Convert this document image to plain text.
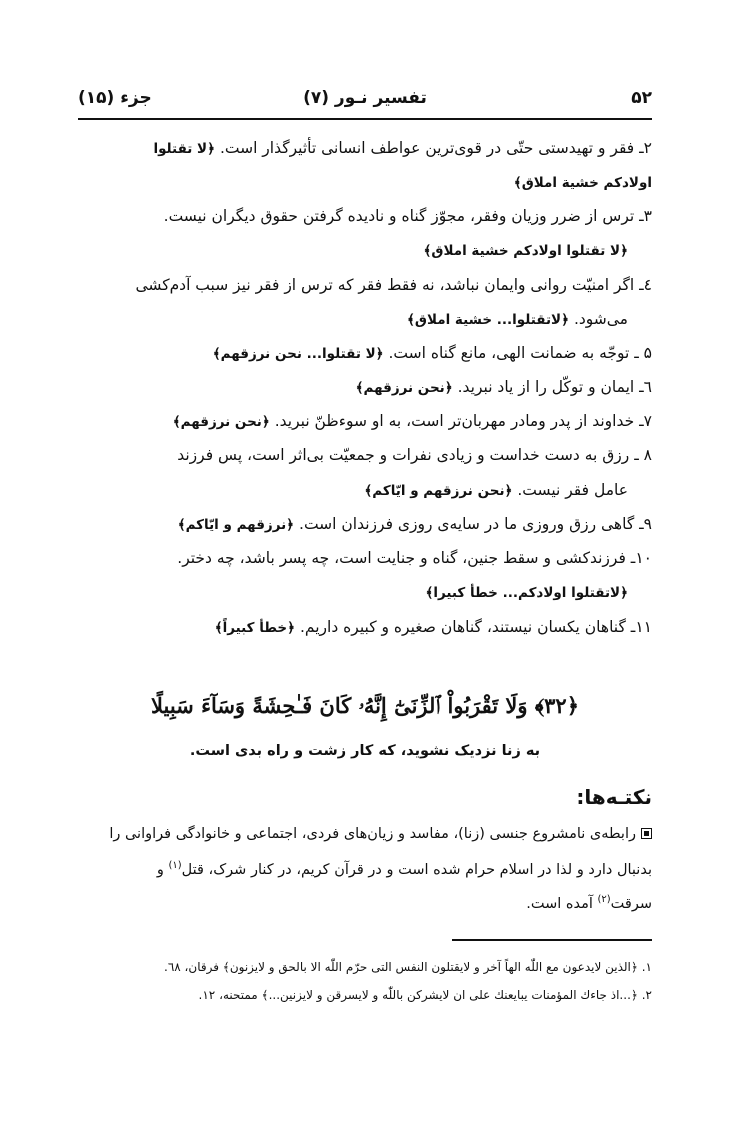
۵۲
تفسیر نـور (۷)
جزء (۱۵)
۲ـ فقر و تهیدستی حتّی در قوی‌ترین عواطف انسانی تأثیرگذار است. ﴿لا تقتلوا
اولادکم خشیة املاق﴾
۳ـ ترس از ضرر وزیان وفقر، مجوّز گناه و نادیده گرفتن حقوق دیگران نیست.
﴿لا تقتلوا اولادکم خشیة املاق﴾
٤ـ اگر امنیّت روانی وایمان نباشد، نه فقط فقر که ترس از فقر نیز سبب آدم‌کشی
می‌شود. ﴿لاتقتلوا... خشیة املاق﴾
۵ ـ توجّه به ضمانت الهی، مانع گناه است. ﴿لا تقتلوا... نحن نرزقهم﴾
٦ـ ایمان و توکّل را از یاد نبرید. ﴿نحن نرزقهم﴾
۷ـ خداوند از پدر ومادر مهربان‌تر است، به او سوءظنّ نبرید. ﴿نحن نرزقهم﴾
۸ ـ رزق به دست خداست و زیادی نفرات و جمعیّت بی‌اثر است، پس فرزند
عامل فقر نیست. ﴿نحن نرزقهم و ایّاکم﴾
۹ـ گاهی رزق وروزی ما در سایه‌ی روزی فرزندان است. ﴿نرزقهم و ایّاکم﴾
۱۰ـ فرزندکشی و سقط جنین، گناه و جنایت است، چه پسر باشد، چه دختر.
﴿لاتقتلوا اولادکم... خطأ کبیرا﴾
۱۱ـ گناهان یکسان نیستند، گناهان صغیره و کبیره داریم. ﴿خطأ کبیراً﴾
﴿۳۲﴾ وَلَا تَقْرَبُواْ ٱلزِّنَىٰٓ إِنَّهُۥ كَانَ فَـٰحِشَةً وَسَآءَ سَبِيلًا
به زنا نزدیک نشوید، که کار زشت و راه بدی است.
نکتـه‌ها:
رابطه‌ی نامشروع جنسی (زنا)، مفاسد و زیان‌های فردی، اجتماعی و خانوادگی فراوانی را
بدنبال دارد و لذا در اسلام حرام شده است و در قرآن کریم، در کنار شرک، قتل$^{(۱)}$ و
سرقت$^{(۲)}$ آمده است.
۱. ﴿الذین لایدعون مع اللّٰه الهاً آخر و لایقتلون النفس التی حرّم اللّٰه الا بالحق و لایزنون﴾ فرقان، ٦۸.
۲. ﴿...اذ جاءك المؤمنات یبایعنك علی ان لایشرکن باللّٰه و لایسرقن و لایزنین...﴾ ممتحنه، ۱۲.
